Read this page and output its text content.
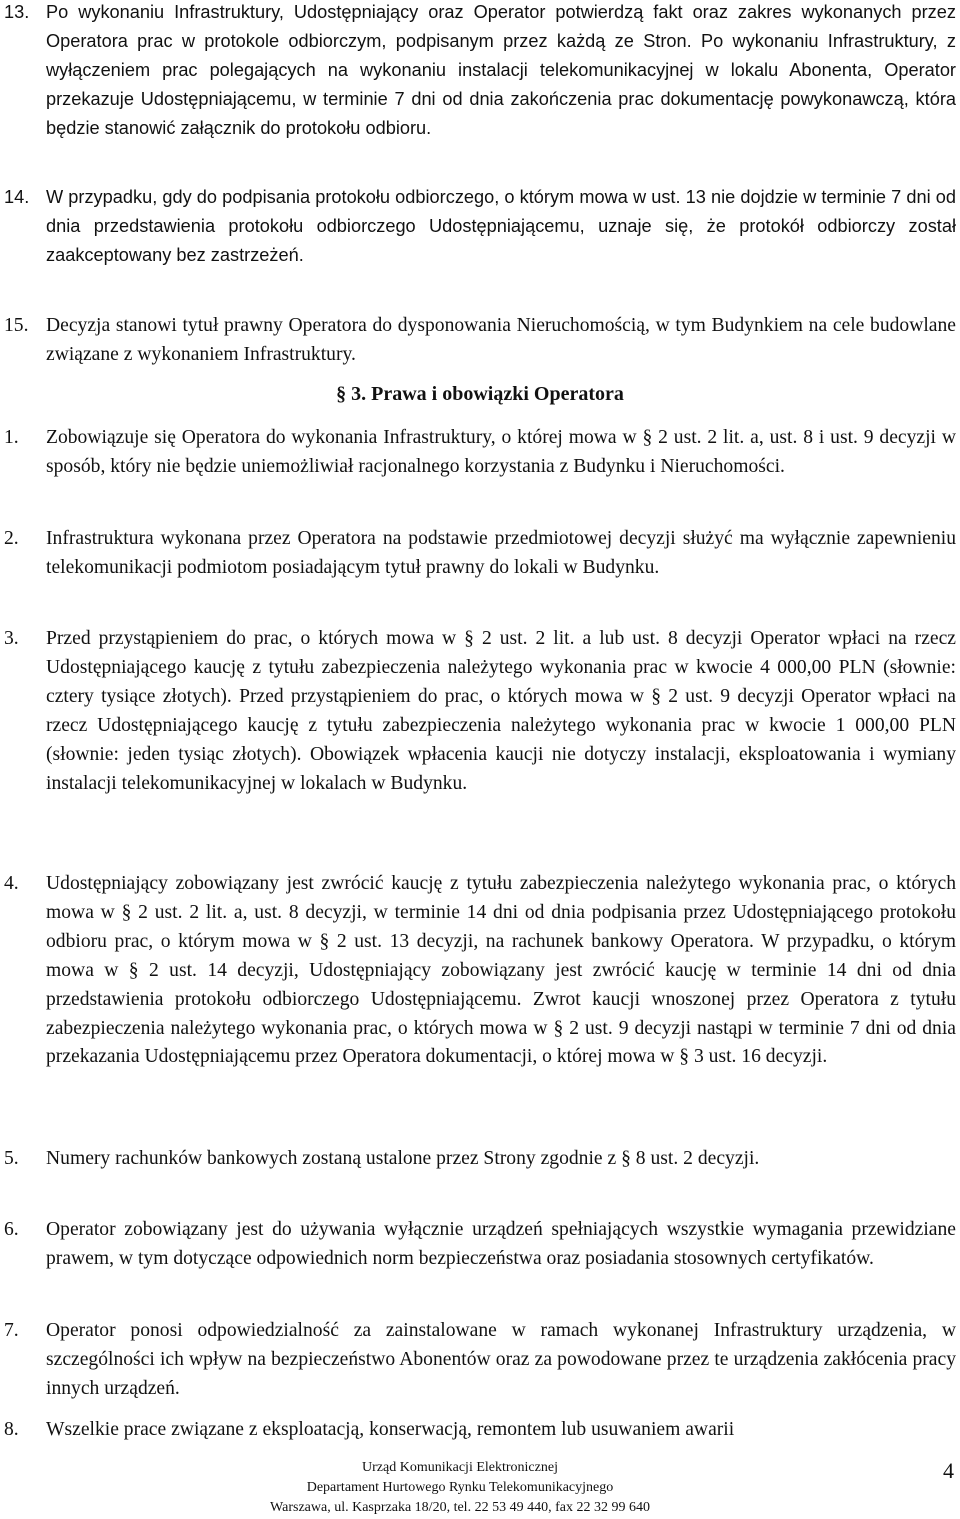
13. Po wykonaniu Infrastruktury, Udostępniający oraz Operator potwierdzą fakt oraz zakres wykonanych przez Operatora prac w protokole odbiorczym, podpisanym przez każdą ze Stron. Po wykonaniu Infrastruktury, z wyłączeniem prac polegających na wykonaniu instalacji telekomunikacyjnej w lokalu Abonenta, Operator przekazuje Udostępniającemu, w terminie 7 dni od dnia zakończenia prac dokumentację powykonawczą, która będzie stanowić załącznik do protokołu odbioru.
14. W przypadku, gdy do podpisania protokołu odbiorczego, o którym mowa w ust. 13 nie dojdzie w terminie 7 dni od dnia przedstawienia protokołu odbiorczego Udostępniającemu, uznaje się, że protokół odbiorczy został zaakceptowany bez zastrzeżeń.
15. Decyzja stanowi tytuł prawny Operatora do dysponowania Nieruchomością, w tym Budynkiem na cele budowlane związane z wykonaniem Infrastruktury.
§ 3. Prawa i obowiązki Operatora
1. Zobowiązuje się Operatora do wykonania Infrastruktury, o której mowa w § 2 ust. 2 lit. a, ust. 8 i ust. 9 decyzji w sposób, który nie będzie uniemożliwiał racjonalnego korzystania z Budynku i Nieruchomości.
2. Infrastruktura wykonana przez Operatora na podstawie przedmiotowej decyzji służyć ma wyłącznie zapewnieniu telekomunikacji podmiotom posiadającym tytuł prawny do lokali w Budynku.
3. Przed przystąpieniem do prac, o których mowa w § 2 ust. 2 lit. a lub ust. 8 decyzji Operator wpłaci na rzecz Udostępniającego kaucję z tytułu zabezpieczenia należytego wykonania prac w kwocie 4 000,00 PLN (słownie: cztery tysiące złotych). Przed przystąpieniem do prac, o których mowa w § 2 ust. 9 decyzji Operator wpłaci na rzecz Udostępniającego kaucję z tytułu zabezpieczenia należytego wykonania prac w kwocie 1 000,00 PLN (słownie: jeden tysiąc złotych). Obowiązek wpłacenia kaucji nie dotyczy instalacji, eksploatowania i wymiany instalacji telekomunikacyjnej w lokalach w Budynku.
4. Udostępniający zobowiązany jest zwrócić kaucję z tytułu zabezpieczenia należytego wykonania prac, o których mowa w § 2 ust. 2 lit. a, ust. 8 decyzji, w terminie 14 dni od dnia podpisania przez Udostępniającego protokołu odbioru prac, o którym mowa w § 2 ust. 13 decyzji, na rachunek bankowy Operatora. W przypadku, o którym mowa w § 2 ust. 14 decyzji, Udostępniający zobowiązany jest zwrócić kaucję w terminie 14 dni od dnia przedstawienia protokołu odbiorczego Udostępniającemu. Zwrot kaucji wnoszonej przez Operatora z tytułu zabezpieczenia należytego wykonania prac, o których mowa w § 2 ust. 9 decyzji nastąpi w terminie 7 dni od dnia przekazania Udostępniającemu przez Operatora dokumentacji, o której mowa w § 3 ust. 16 decyzji.
5. Numery rachunków bankowych zostaną ustalone przez Strony zgodnie z § 8 ust. 2 decyzji.
6. Operator zobowiązany jest do używania wyłącznie urządzeń spełniających wszystkie wymagania przewidziane prawem, w tym dotyczące odpowiednich norm bezpieczeństwa oraz posiadania stosownych certyfikatów.
7. Operator ponosi odpowiedzialność za zainstalowane w ramach wykonanej Infrastruktury urządzenia, w szczególności ich wpływ na bezpieczeństwo Abonentów oraz za powodowane przez te urządzenia zakłócenia pracy innych urządzeń.
8. Wszelkie prace związane z eksploatacją, konserwacją, remontem lub usuwaniem awarii
Urząd Komunikacji Elektronicznej
Departament Hurtowego Rynku Telekomunikacyjnego
Warszawa, ul. Kasprzaka 18/20, tel. 22 53 49 440, fax 22 32 99 640
4
